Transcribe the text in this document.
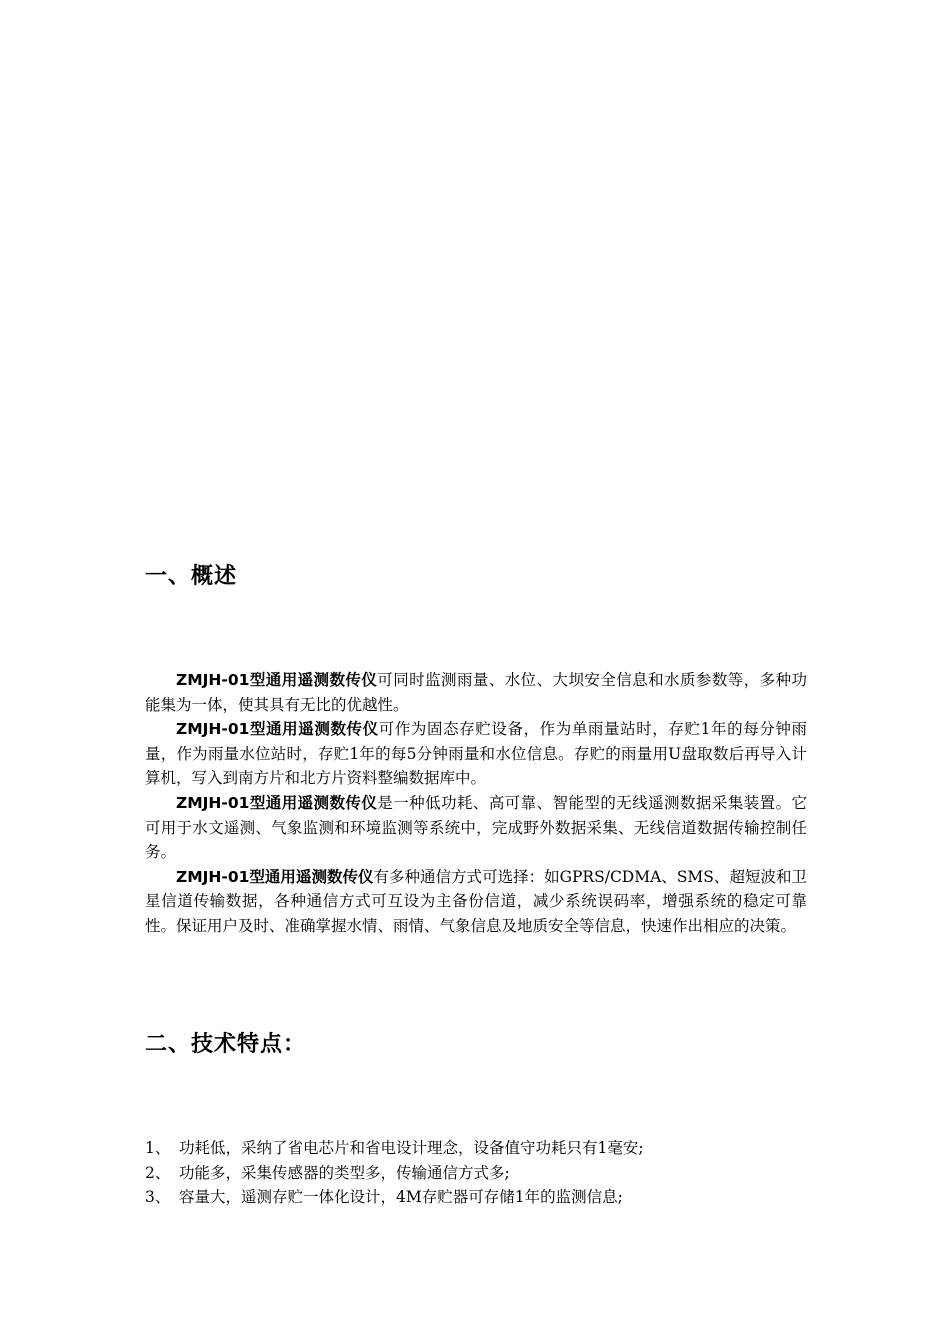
一、概述

ZMJH-01型通用遥测数传仪可同时监测雨量、水位、大坝安全信息和水质参数等，多种功能集为一体，使其具有无比的优越性。

ZMJH-01型通用遥测数传仪可作为固态存贮设备，作为单雨量站时，存贮1年的每分钟雨量，作为雨量水位站时，存贮1年的每5分钟雨量和水位信息。存贮的雨量用U盘取数后再导入计算机，写入到南方片和北方片资料整编数据库中。

ZMJH-01型通用遥测数传仪是一种低功耗、高可靠、智能型的无线遥测数据采集装置。它可用于水文遥测、气象监测和环境监测等系统中，完成野外数据采集、无线信道数据传输控制任务。

ZMJH-01型通用遥测数传仪有多种通信方式可选择：如GPRS/CDMA、SMS、超短波和卫星信道传输数据，各种通信方式可互设为主备份信道，减少系统误码率，增强系统的稳定可靠性。保证用户及时、准确掌握水情、雨情、气象信息及地质安全等信息，快速作出相应的决策。

二、技术特点：
1、 功耗低，采纳了省电芯片和省电设计理念，设备值守功耗只有1毫安;
2、 功能多，采集传感器的类型多，传输通信方式多;
3、 容量大，遥测存贮一体化设计，4M存贮器可存储1年的监测信息;
